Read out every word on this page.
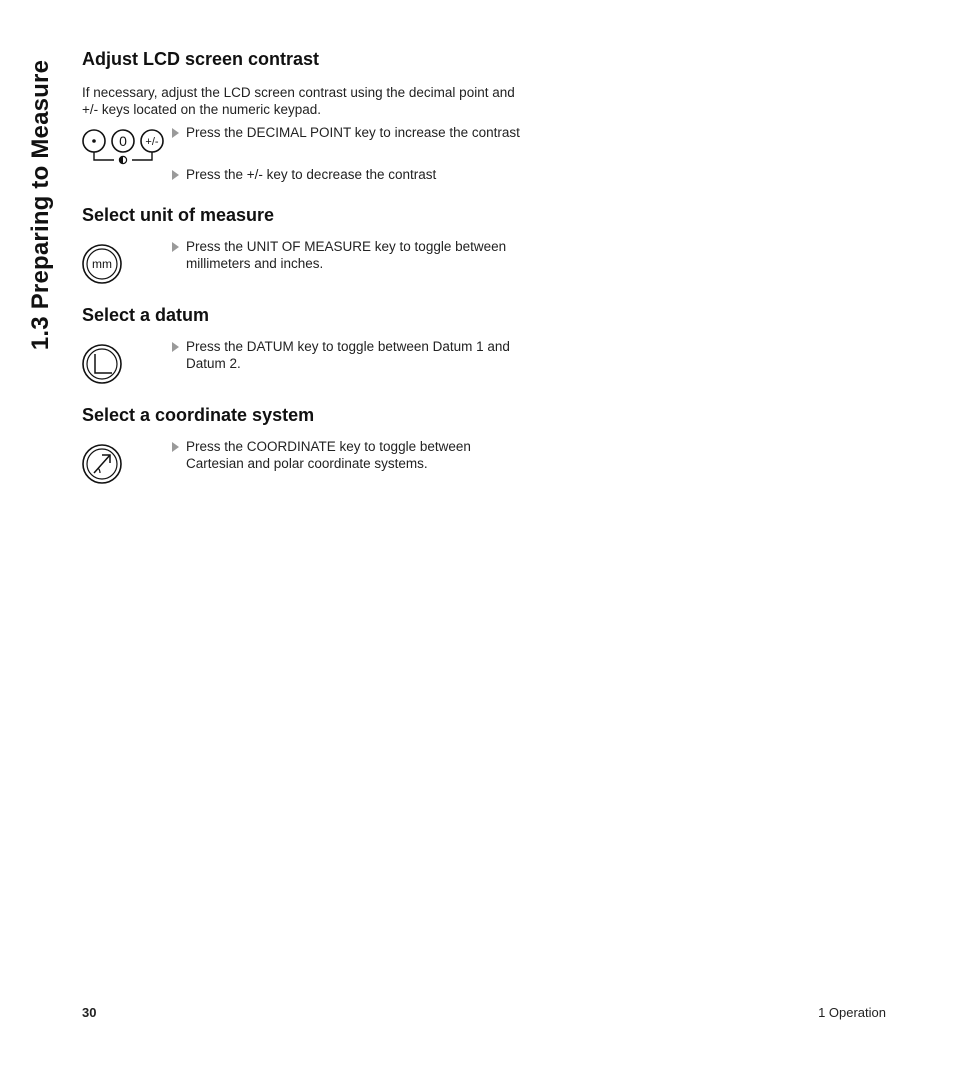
1.3 Preparing to Measure
Adjust LCD screen contrast

If necessary, adjust the LCD screen contrast using the decimal point and +/- keys located on the numeric keypad.

0 +/-
Press the DECIMAL POINT key to increase the contrast
Press the +/- key to decrease the contrast
Select unit of measure
mm
Press the UNIT OF MEASURE key to toggle between millimeters and inches.
Select a datum
Press the DATUM key to toggle between Datum 1 and Datum 2.
Select a coordinate system
Press the COORDINATE key to toggle between Cartesian and polar coordinate systems.
30	1 Operation
